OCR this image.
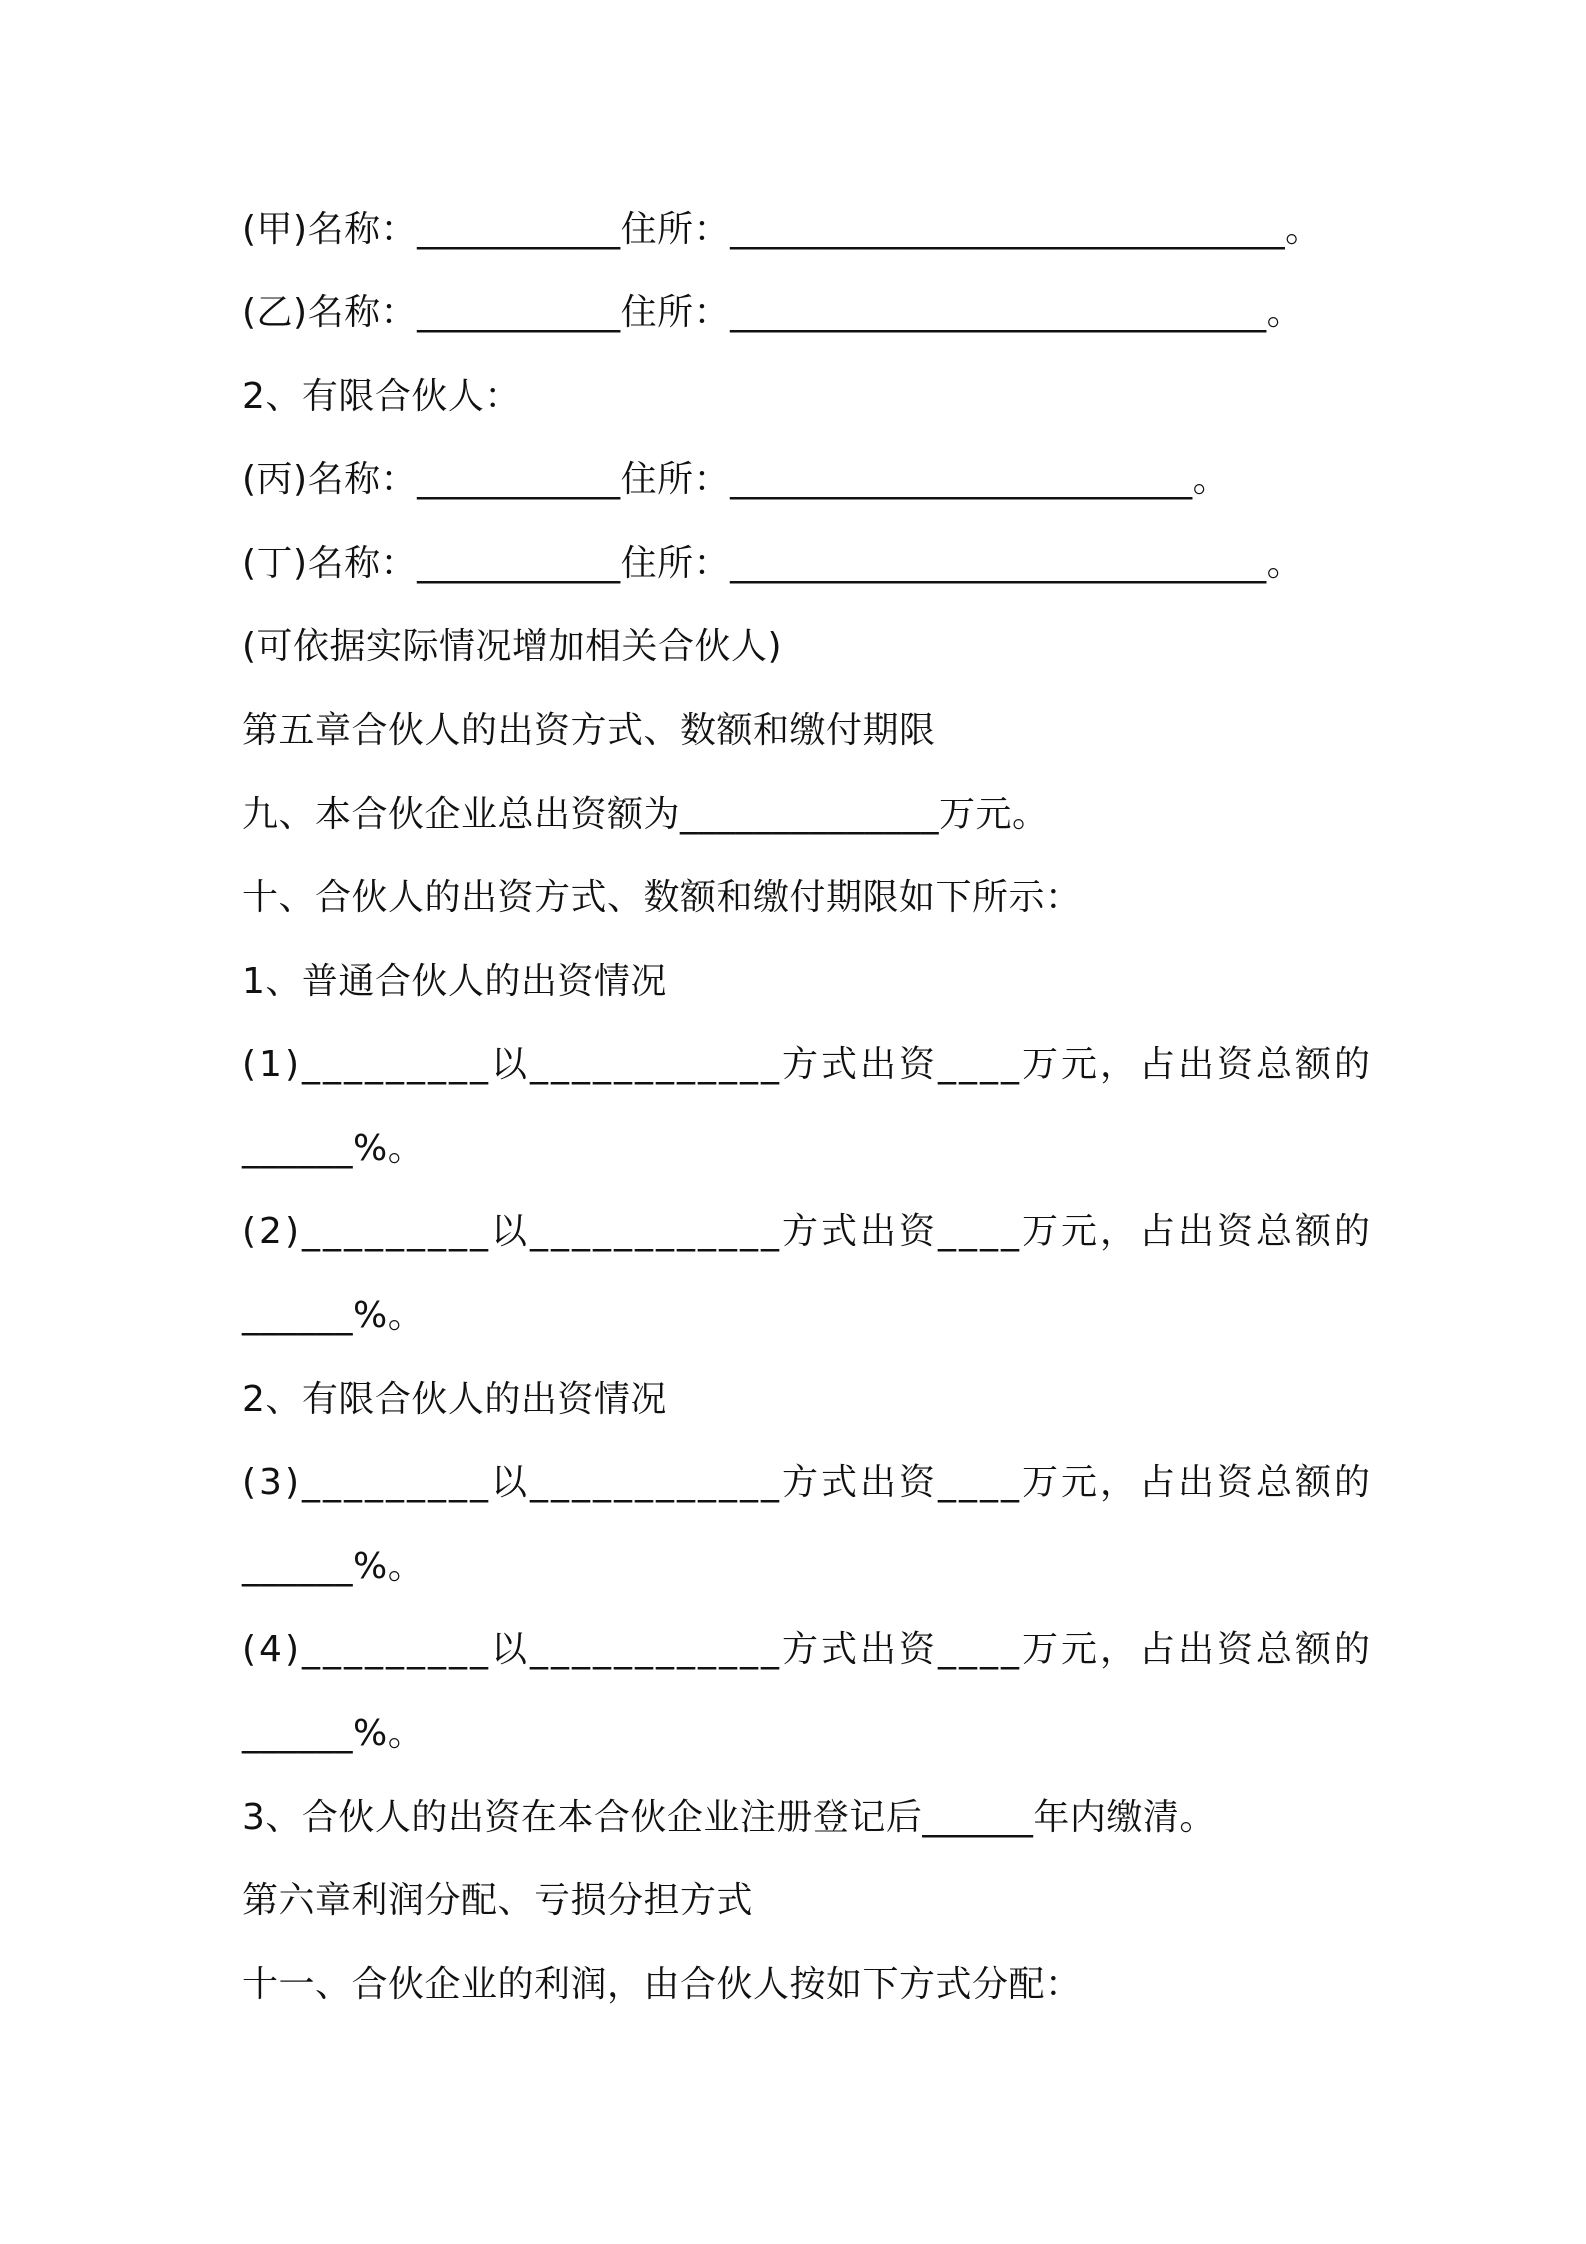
(甲)名称：___________住所：______________________________。
(乙)名称：___________住所：_____________________________。
2、有限合伙人：
(丙)名称：___________住所：_________________________。
(丁)名称：___________住所：_____________________________。
(可依据实际情况增加相关合伙人)
第五章合伙人的出资方式、数额和缴付期限
九、本合伙企业总出资额为______________万元。
十、合伙人的出资方式、数额和缴付期限如下所示：
1、普通合伙人的出资情况
(1)_________以____________方式出资____万元，占出资总额的
______%。
(2)_________以____________方式出资____万元，占出资总额的
______%。
2、有限合伙人的出资情况
(3)_________以____________方式出资____万元，占出资总额的
______%。
(4)_________以____________方式出资____万元，占出资总额的
______%。
3、合伙人的出资在本合伙企业注册登记后______年内缴清。
第六章利润分配、亏损分担方式
十一、合伙企业的利润，由合伙人按如下方式分配：
